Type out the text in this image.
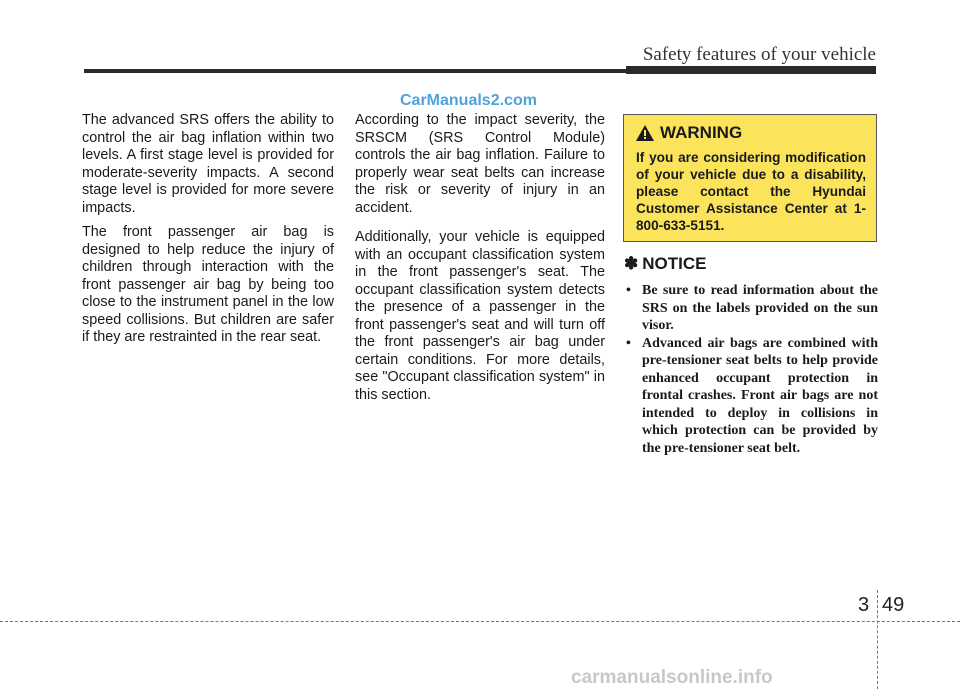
Safety features of your vehicle
CarManuals2.com

The advanced SRS offers the ability to control the air bag inflation within two levels. A first stage level is provided for moderate-severity impacts. A second stage level is provided for more severe impacts.

The front passenger air bag is designed to help reduce the injury of children through interaction with the front passenger air bag by being too close to the instrument panel in the low speed collisions. But children are safer if they are restrainted in the rear seat.

According to the impact severity, the SRSCM (SRS Control Module) controls the air bag inflation. Failure to properly wear seat belts can increase the risk or severity of injury in an accident.

Additionally, your vehicle is equipped with an occupant classification system in the front passenger's seat. The occupant classification system detects the presence of a passenger in the front passenger's seat and will turn off the front passenger's air bag under certain conditions. For more details, see "Occupant classification system" in this section.

WARNING
If you are considering modification of your vehicle due to a disability, please contact the Hyundai Customer Assistance Center at 1-800-633-5151.
✽ NOTICE
• Be sure to read information about the SRS on the labels provided on the sun visor.
• Advanced air bags are combined with pre-tensioner seat belts to help provide enhanced occupant protection in frontal crashes. Front air bags are not intended to deploy in collisions in which protection can be provided by the pre-tensioner seat belt.
3 49
carmanualsonline.info
